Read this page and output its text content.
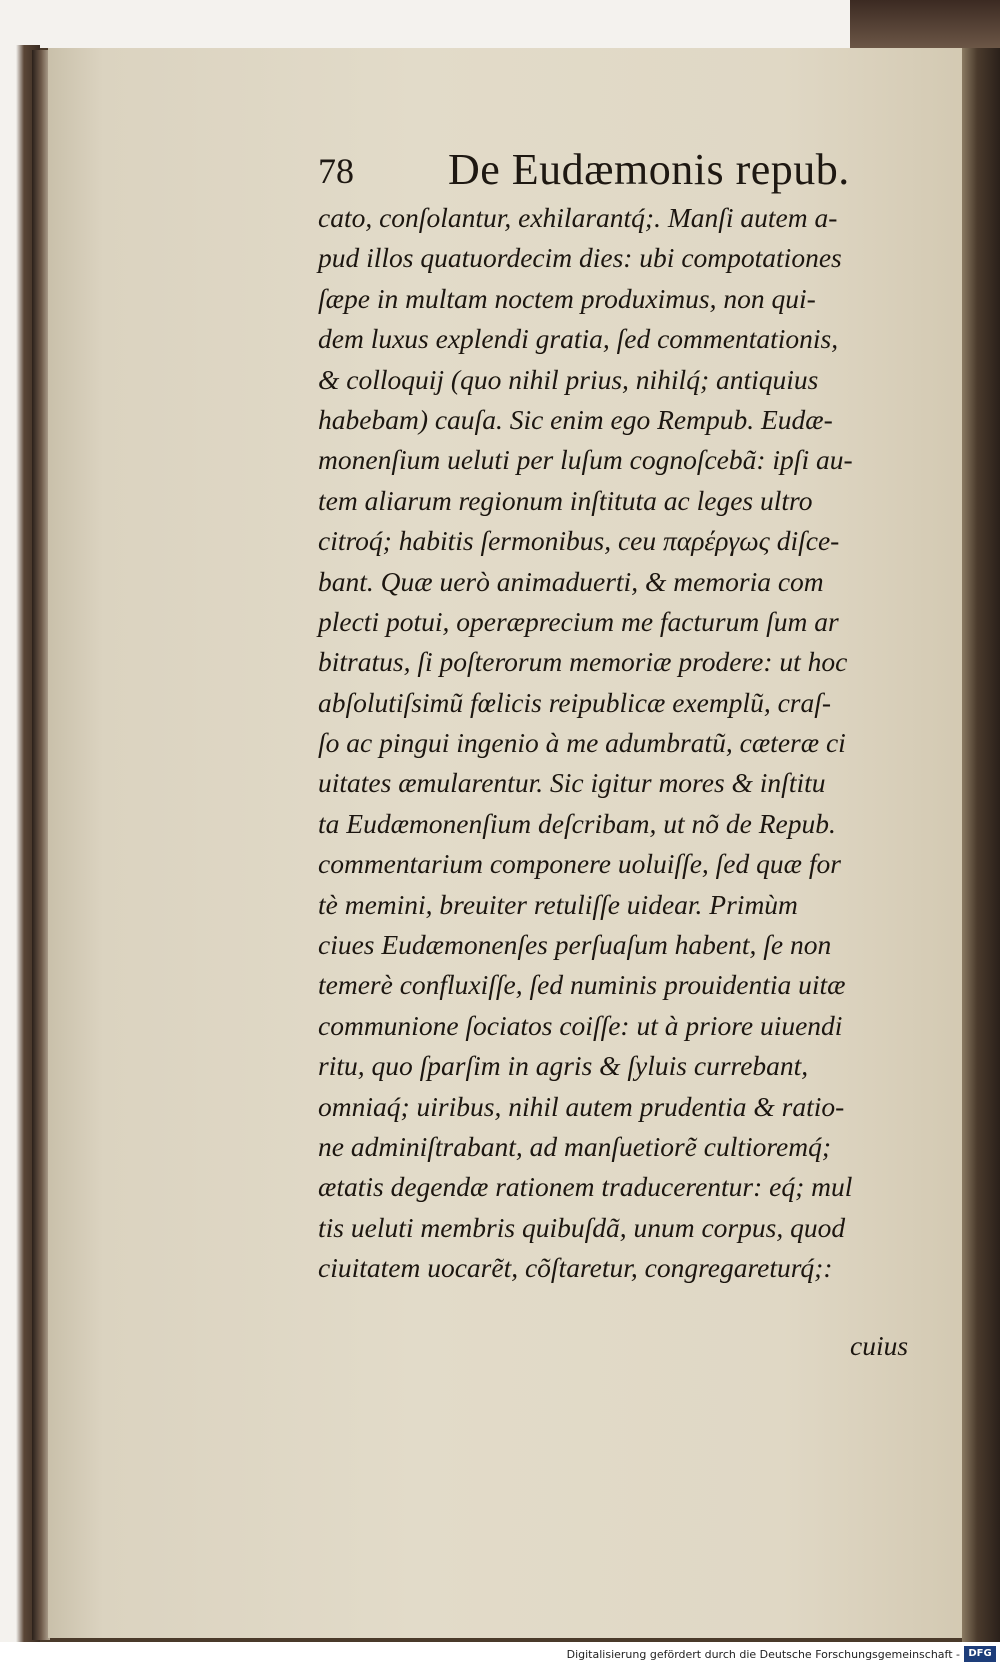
78 De Eudæmonis repub.
cato, conſolantur, exhilarantq́;. Manſi autem a-
pud illos quatuordecim dies: ubi compotationes
ſæpe in multam noctem produximus, non qui-
dem luxus explendi gratia, ſed commentationis,
& colloquij (quo nihil prius, nihilq́; antiquius
habebam) cauſa. Sic enim ego Rempub. Eudæ-
monenſium ueluti per luſum cognoſcebã: ipſi au-
tem aliarum regionum inſtituta ac leges ultro
citroq́; habitis ſermonibus, ceu παρέργως diſce-
bant. Quæ uerò animaduerti, & memoria com
plecti potui, operæprecium me facturum ſum ar
bitratus, ſi poſterorum memoriæ prodere: ut hoc
abſolutiſsimũ fœlicis reipublicæ exemplũ, craſ-
ſo ac pingui ingenio à me adumbratũ, cæteræ ci
uitates æmularentur. Sic igitur mores & inſtitu
ta Eudæmonenſium deſcribam, ut nõ de Repub.
commentarium componere uoluiſſe, ſed quæ for
tè memini, breuiter retuliſſe uidear. Primùm
ciues Eudæmonenſes perſuaſum habent, ſe non
temerè confluxiſſe, ſed numinis prouidentia uitæ
communione ſociatos coiſſe: ut à priore uiuendi
ritu, quo ſparſim in agris & ſyluis currebant,
omniaq́; uiribus, nihil autem prudentia & ratio-
ne adminiſtrabant, ad manſuetiorẽ cultioremq́;
ætatis degendæ rationem traducerentur: eq́; mul
tis ueluti membris quibuſdã, unum corpus, quod
ciuitatem uocarẽt, cõſtaretur, congregareturq́;:
cuius
Digitalisierung gefördert durch die Deutsche Forschungsgemeinschaft - DFG
